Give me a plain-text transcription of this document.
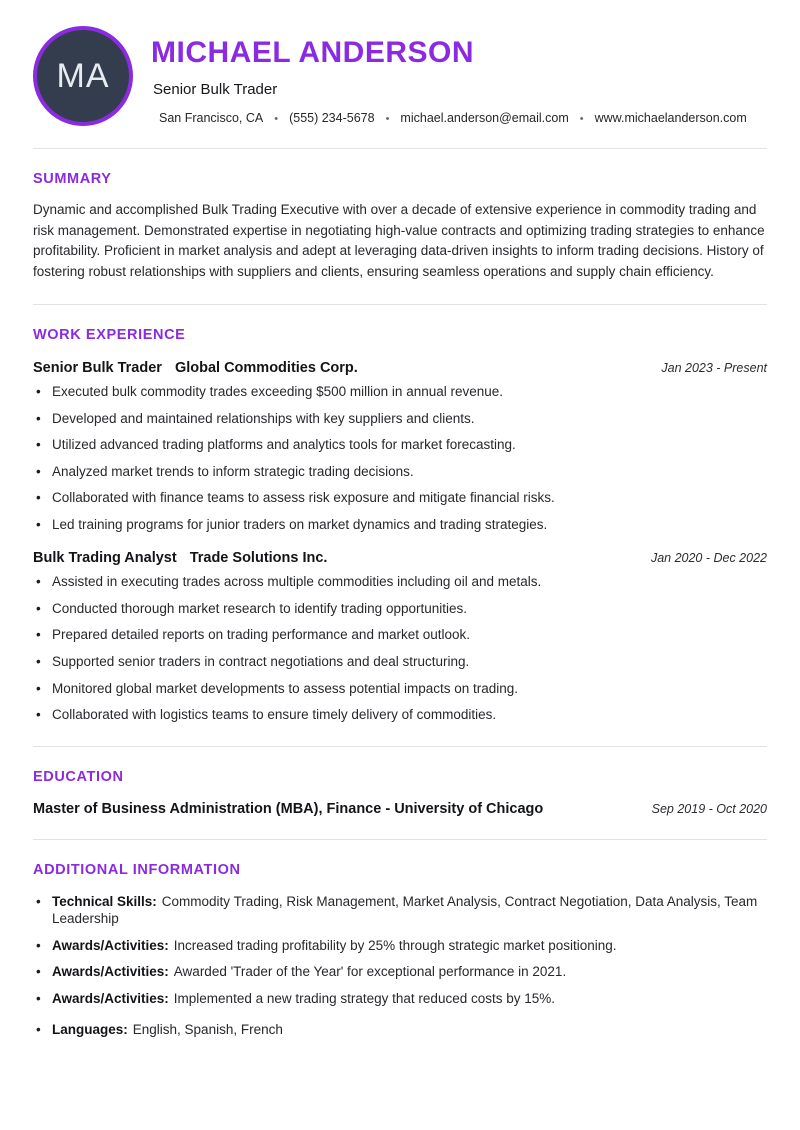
MA
MICHAEL ANDERSON
Senior Bulk Trader
San Francisco, CA	• (555) 234-5678	• michael.anderson@email.com	• www.michaelanderson.com
SUMMARY

Dynamic and accomplished Bulk Trading Executive with over a decade of extensive experience in commodity trading and risk management. Demonstrated expertise in negotiating high-value contracts and optimizing trading strategies to enhance profitability. Proficient in market analysis and adept at leveraging data-driven insights to inform trading decisions. History of fostering robust relationships with suppliers and clients, ensuring seamless operations and supply chain efficiency.

WORK EXPERIENCE
Senior Bulk Trader Global Commodities Corp.	Jan 2023 - Present
• Executed bulk commodity trades exceeding $500 million in annual revenue.
• Developed and maintained relationships with key suppliers and clients.
• Utilized advanced trading platforms and analytics tools for market forecasting.
• Analyzed market trends to inform strategic trading decisions.
• Collaborated with finance teams to assess risk exposure and mitigate financial risks.
• Led training programs for junior traders on market dynamics and trading strategies.
Bulk Trading Analyst Trade Solutions Inc.	Jan 2020 - Dec 2022
• Assisted in executing trades across multiple commodities including oil and metals.
• Conducted thorough market research to identify trading opportunities.
• Prepared detailed reports on trading performance and market outlook.
• Supported senior traders in contract negotiations and deal structuring.
• Monitored global market developments to assess potential impacts on trading.
• Collaborated with logistics teams to ensure timely delivery of commodities.
EDUCATION
Master of Business Administration (MBA), Finance - University of Chicago	Sep 2019 - Oct 2020
ADDITIONAL INFORMATION
• Technical Skills: Commodity Trading, Risk Management, Market Analysis, Contract Negotiation, Data Analysis, Team Leadership
• Awards/Activities: Increased trading profitability by 25% through strategic market positioning.
• Awards/Activities: Awarded 'Trader of the Year' for exceptional performance in 2021.
• Awards/Activities: Implemented a new trading strategy that reduced costs by 15%.
• Languages: English, Spanish, French
